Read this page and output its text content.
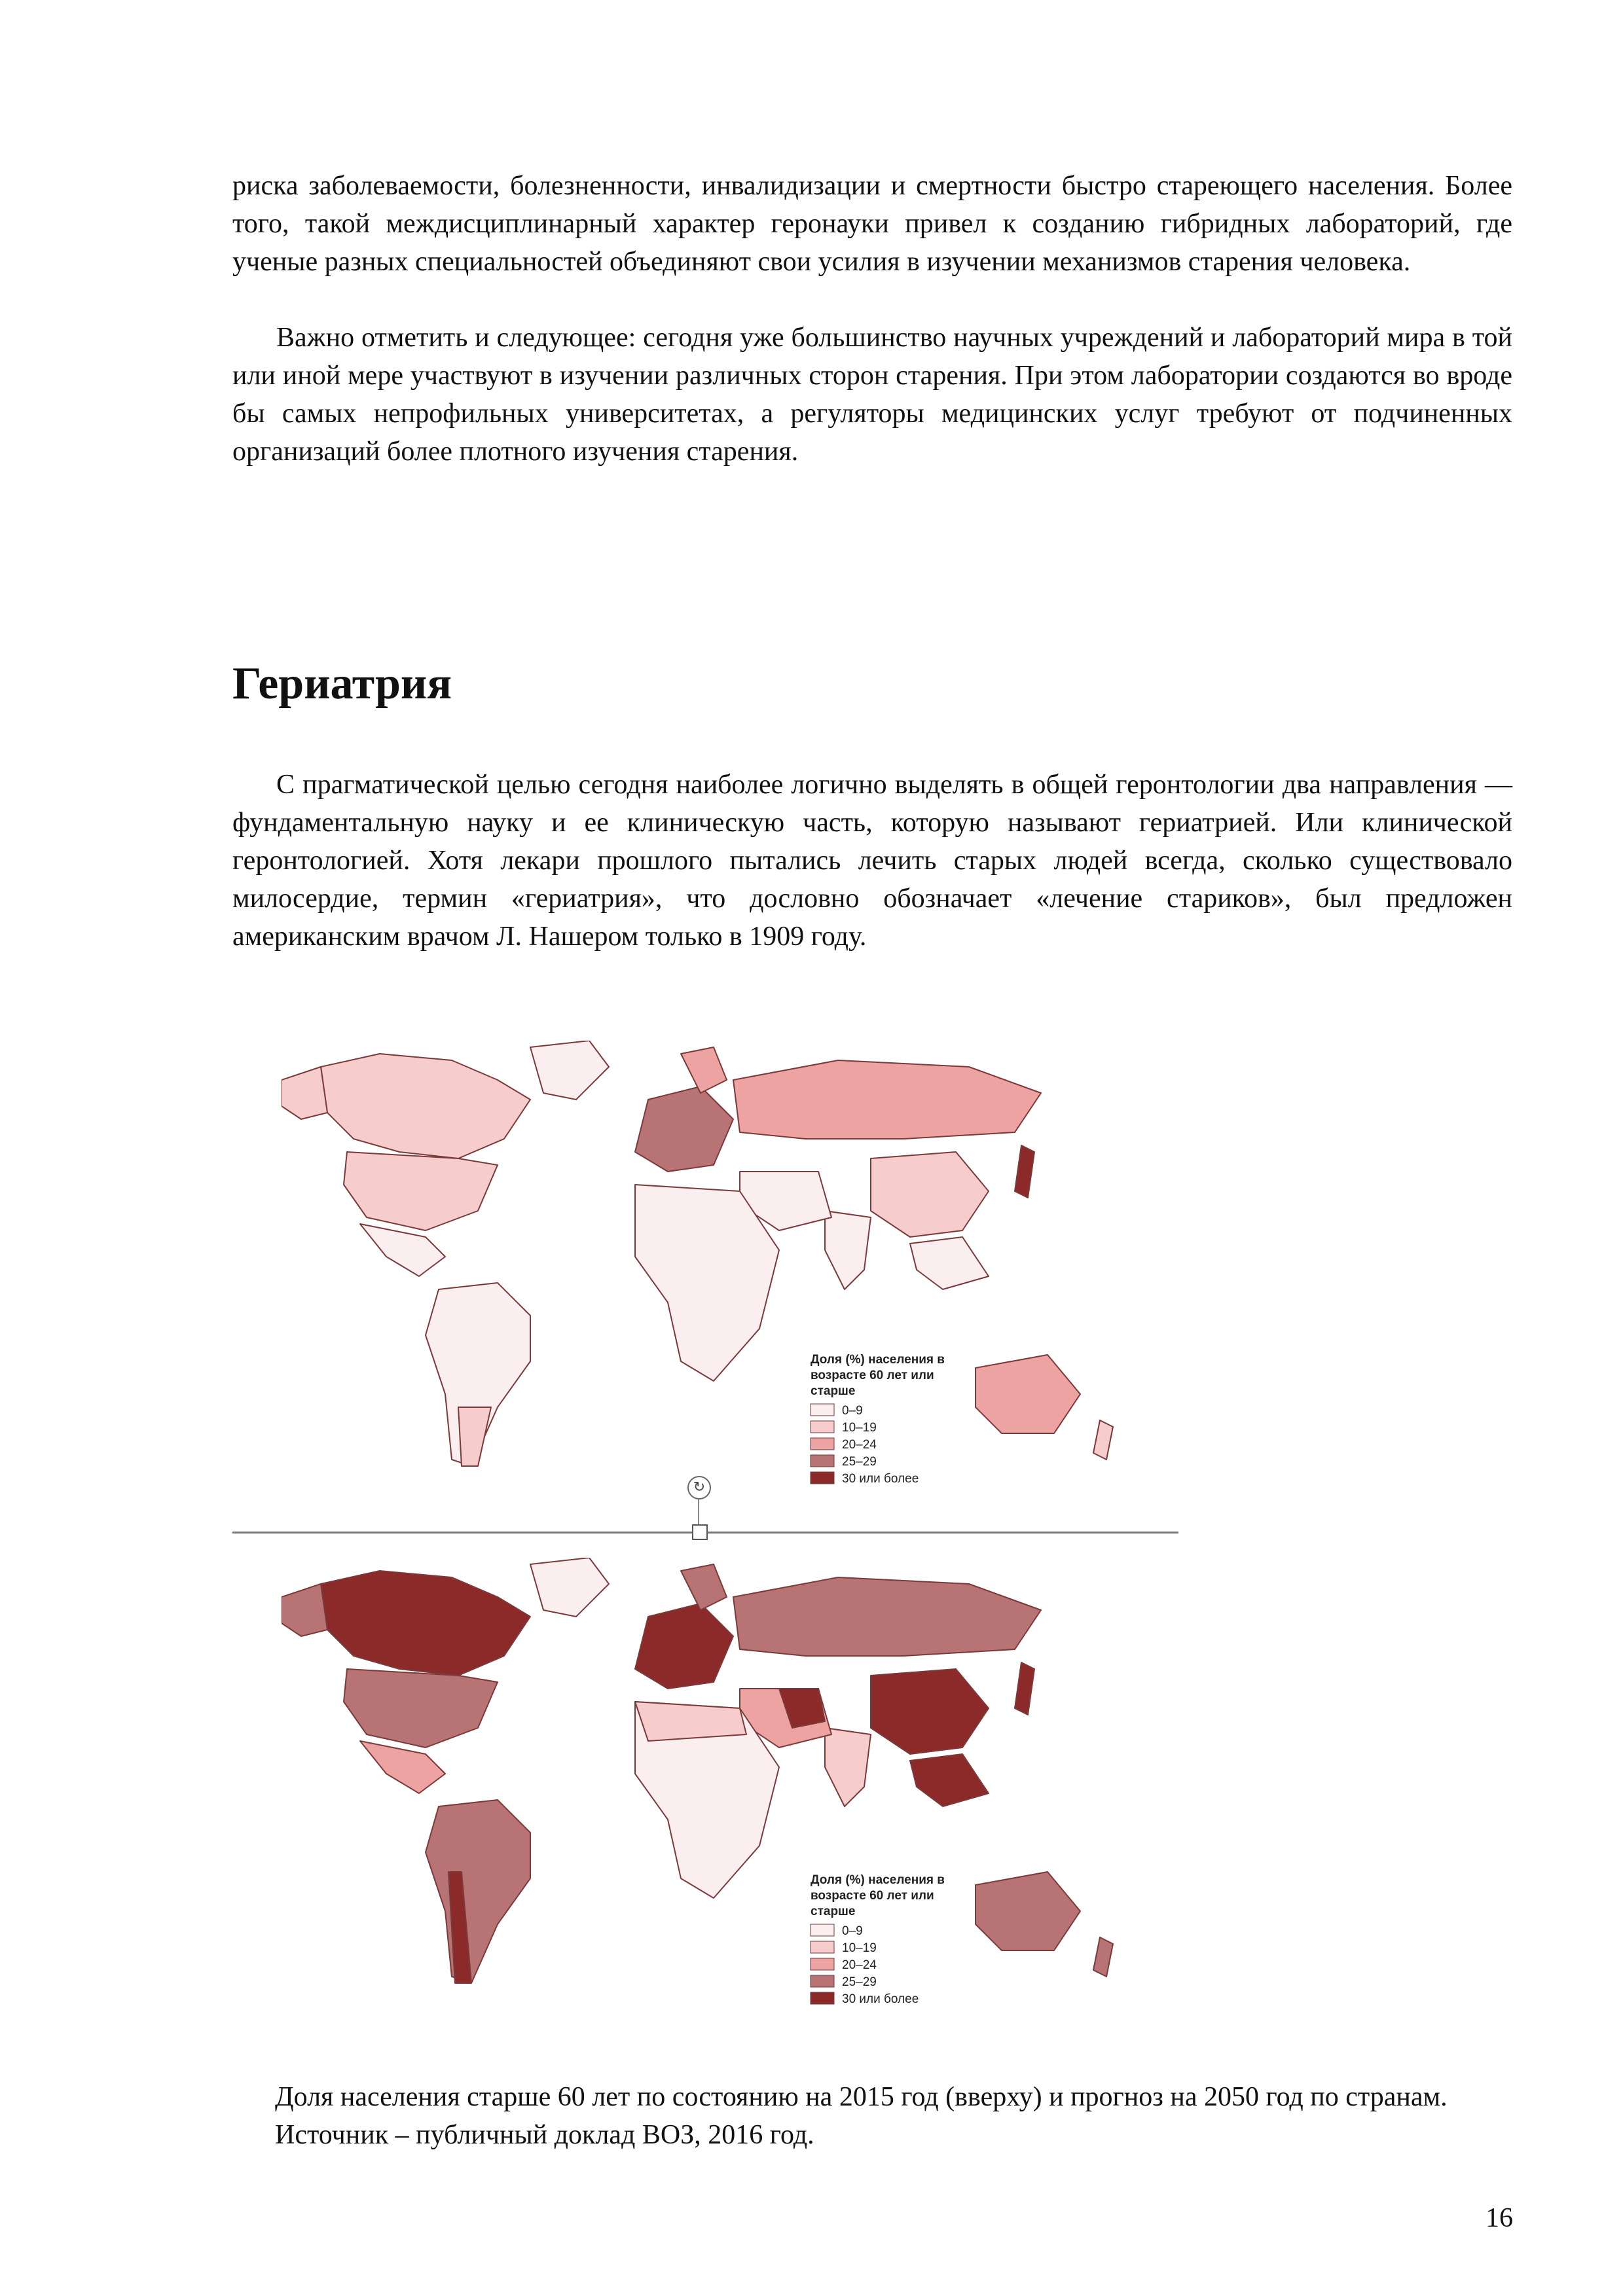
риска заболеваемости, болезненности, инвалидизации и смертности быстро стареющего населения. Более того, такой междисциплинарный характер геронауки привел к созданию гибридных лабораторий, где ученые разных специальностей объединяют свои усилия в изучении механизмов старения человека.

Важно отметить и следующее: сегодня уже большинство научных учреждений и лабораторий мира в той или иной мере участвуют в изучении различных сторон старения. При этом лаборатории создаются во вроде бы самых непрофильных университетах, а регуляторы медицинских услуг требуют от подчиненных организаций более плотного изучения старения.

Гериатрия

С прагматической целью сегодня наиболее логично выделять в общей геронтологии два направления — фундаментальную науку и ее клиническую часть, которую называют гериатрией. Или клинической геронтологией. Хотя лекари прошлого пытались лечить старых людей всегда, сколько существовало милосердие, термин «гериатрия», что дословно обозначает «лечение стариков», был предложен американским врачом Л. Нашером только в 1909 году.

Доля (%) населения в возрасте 60 лет или старше
0–9
10–19
20–24
25–29
30 или более
↻
Доля (%) населения в возрасте 60 лет или старше
0–9
10–19
20–24
25–29
30 или более

Доля населения старше 60 лет по состоянию на 2015 год (вверху) и прогноз на 2050 год по странам. Источник – публичный доклад ВОЗ, 2016 год.

16
